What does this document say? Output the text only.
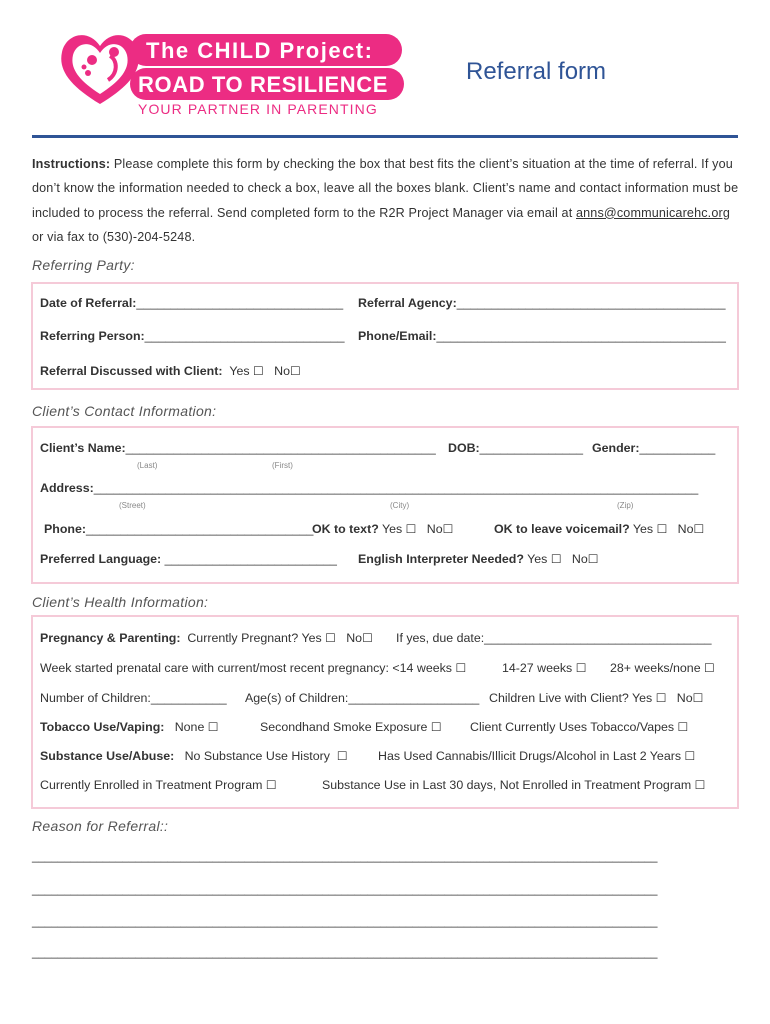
The CHILD Project:
ROAD TO RESILIENCE
YOUR PARTNER IN PARENTING
Referral form
Instructions: Please complete this form by checking the box that best fits the client’s situation at the time of referral. If you don’t know the information needed to check a box, leave all the boxes blank. Client’s name and contact information must be included to process the referral. Send completed form to the R2R Project Manager via email at anns@communicarehc.org or via fax to (530)-204-5248.
Referring Party:
Date of Referral:______________________________ Referral Agency:_______________________________________
Referring Person:_____________________________ Phone/Email:__________________________________________
Referral Discussed with Client: Yes ☐ No☐
Client’s Contact Information:
Client’s Name:_____________________________________________
(Last)	(First)
DOB:_______________ Gender:___________
Address:_____________________________________________________________________________________________
(Street)	(City)	(Zip)
Phone:_________________________________
OK to text? Yes ☐ No☐	OK to leave voicemail? Yes ☐ No☐
Preferred Language: _________________________ English Interpreter Needed? Yes ☐ No☐
Client’s Health Information:
Pregnancy & Parenting: Currently Pregnant? Yes ☐ No☐ If yes, due date:_________________________________
Week started prenatal care with current/most recent pregnancy: <14 weeks ☐	14-27 weeks ☐ 28+ weeks/none ☐
Number of Children:___________ Age(s) of Children:___________________ Children Live with Client? Yes ☐ No☐
Tobacco Use/Vaping: None ☐	Secondhand Smoke Exposure ☐ Client Currently Uses Tobacco/Vapes ☐
Substance Use/Abuse: No Substance Use History ☐ Has Used Cannabis/Illicit Drugs/Alcohol in Last 2 Years ☐
Currently Enrolled in Treatment Program ☐	Substance Use in Last 30 days, Not Enrolled in Treatment Program ☐
Reason for Referral::
_________________________________________________________________________________________________
_________________________________________________________________________________________________
_________________________________________________________________________________________________
_________________________________________________________________________________________________
